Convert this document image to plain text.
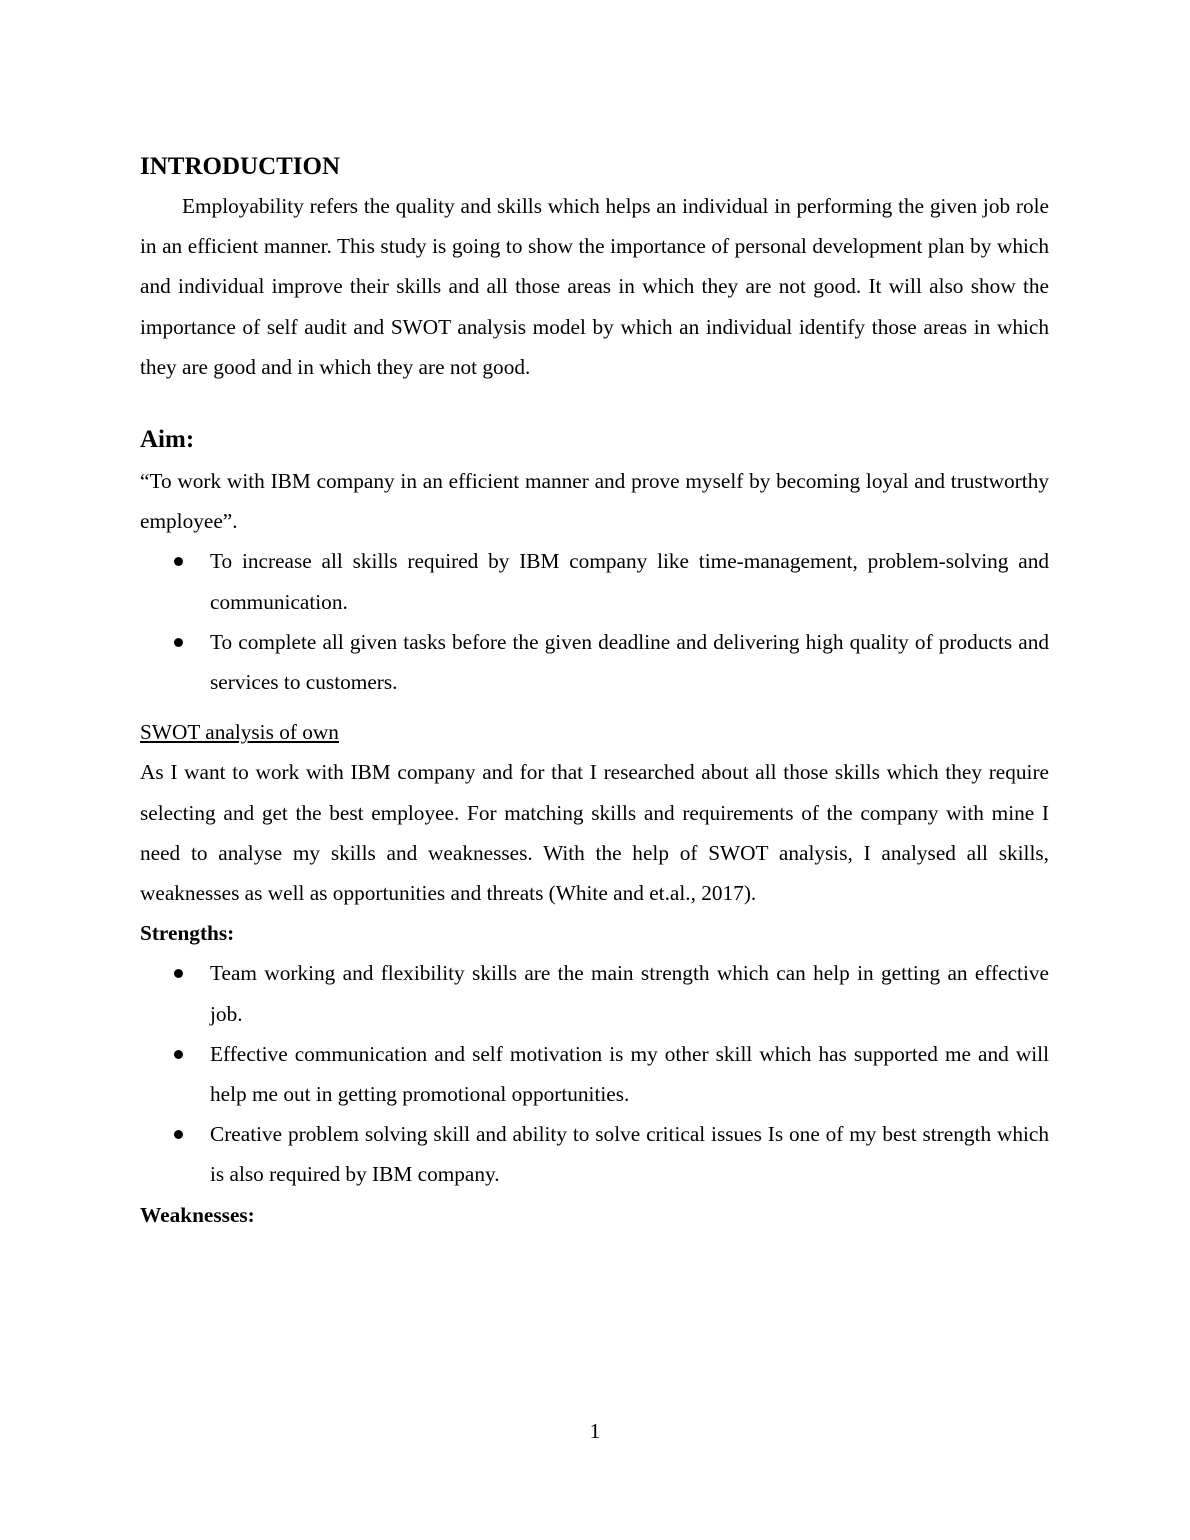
INTRODUCTION

Employability refers the quality and skills which helps an individual in performing the given job role in an efficient manner. This study is going to show the importance of personal development plan by which and individual improve their skills and all those areas in which they are not good. It will also show the importance of self audit and SWOT analysis model by which an individual identify those areas in which they are good and in which they are not good.

Aim:

“To work with IBM company in an efficient manner and prove myself by becoming loyal and trustworthy employee”.

To increase all skills required by IBM company like time-management, problem-solving and communication.
To complete all given tasks before the given deadline and delivering high quality of products and services to customers.

SWOT analysis of own

As I want to work with IBM company and for that I researched about all those skills which they require selecting and get the best employee. For matching skills and requirements of the company with mine I need to analyse my skills and weaknesses. With the help of SWOT analysis, I analysed all skills, weaknesses as well as opportunities and threats (White and et.al., 2017).

Strengths:
Team working and flexibility skills are the main strength which can help in getting an effective job.
Effective communication and self motivation is my other skill which has supported me and will help me out in getting promotional opportunities.
Creative problem solving skill and ability to solve critical issues Is one of my best strength which is also required by IBM company.
Weaknesses:
1
